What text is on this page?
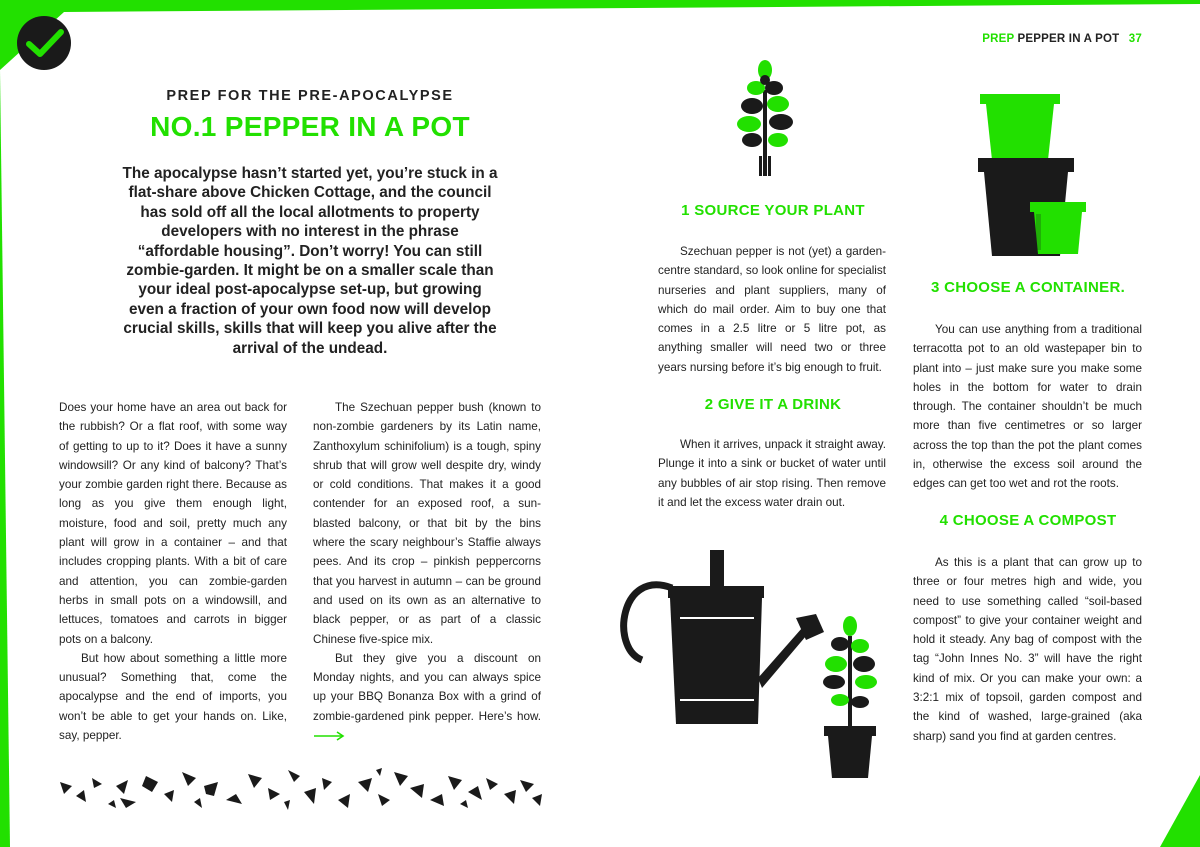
PREP PEPPER IN A POT 37
PREP FOR THE PRE-APOCALYPSE
NO.1 PEPPER IN A POT
The apocalypse hasn’t started yet, you’re stuck in a flat-share above Chicken Cottage, and the council has sold off all the local allotments to property developers with no interest in the phrase “affordable housing”. Don’t worry! You can still zombie-garden. It might be on a smaller scale than your ideal post-apocalypse set-up, but growing even a fraction of your own food now will develop crucial skills, skills that will keep you alive after the arrival of the undead.

Does your home have an area out back for the rubbish? Or a flat roof, with some way of getting to up to it? Does it have a sunny windowsill? Or any kind of balcony? That’s your zombie garden right there. Because as long as you give them enough light, moisture, food and soil, pretty much any plant will grow in a container – and that includes cropping plants. With a bit of care and attention, you can zombie-garden herbs in small pots on a windowsill, and lettuces, tomatoes and carrots in bigger pots on a balcony.

But how about something a little more unusual? Something that, come the apocalypse and the end of imports, you won’t be able to get your hands on. Like, say, pepper.

The Szechuan pepper bush (known to non-zombie gardeners by its Latin name, Zanthoxylum schinifolium) is a tough, spiny shrub that will grow well despite dry, windy or cold conditions. That makes it a good contender for an exposed roof, a sun-blasted balcony, or that bit by the bins where the scary neighbour’s Staffie always pees. And its crop – pinkish peppercorns that you harvest in autumn – can be ground and used on its own as an alternative to black pepper, or as part of a classic Chinese five-spice mix.

But they give you a discount on Monday nights, and you can always spice up your BBQ Bonanza Box with a grind of zombie-gardened pink pepper. Here’s how.

1 SOURCE YOUR PLANT

Szechuan pepper is not (yet) a garden-centre standard, so look online for specialist nurseries and plant suppliers, many of which do mail order. Aim to buy one that comes in a 2.5 litre or 5 litre pot, as anything smaller will need two or three years nursing before it’s big enough to fruit.

2 GIVE IT A DRINK

When it arrives, unpack it straight away. Plunge it into a sink or bucket of water until any bubbles of air stop rising. Then remove it and let the excess water drain out.

3 CHOOSE A CONTAINER.

You can use anything from a traditional terracotta pot to an old wastepaper bin to plant into – just make sure you make some holes in the bottom for water to drain through. The container shouldn’t be much more than five centimetres or so larger across the top than the pot the plant comes in, otherwise the excess soil around the edges can get too wet and rot the roots.

4 CHOOSE A COMPOST

As this is a plant that can grow up to three or four metres high and wide, you need to use something called “soil-based compost” to give your container weight and hold it steady. Any bag of compost with the tag “John Innes No. 3” will have the right kind of mix. Or you can make your own: a 3:2:1 mix of topsoil, garden compost and the kind of washed, large-grained (aka sharp) sand you find at garden centres.
